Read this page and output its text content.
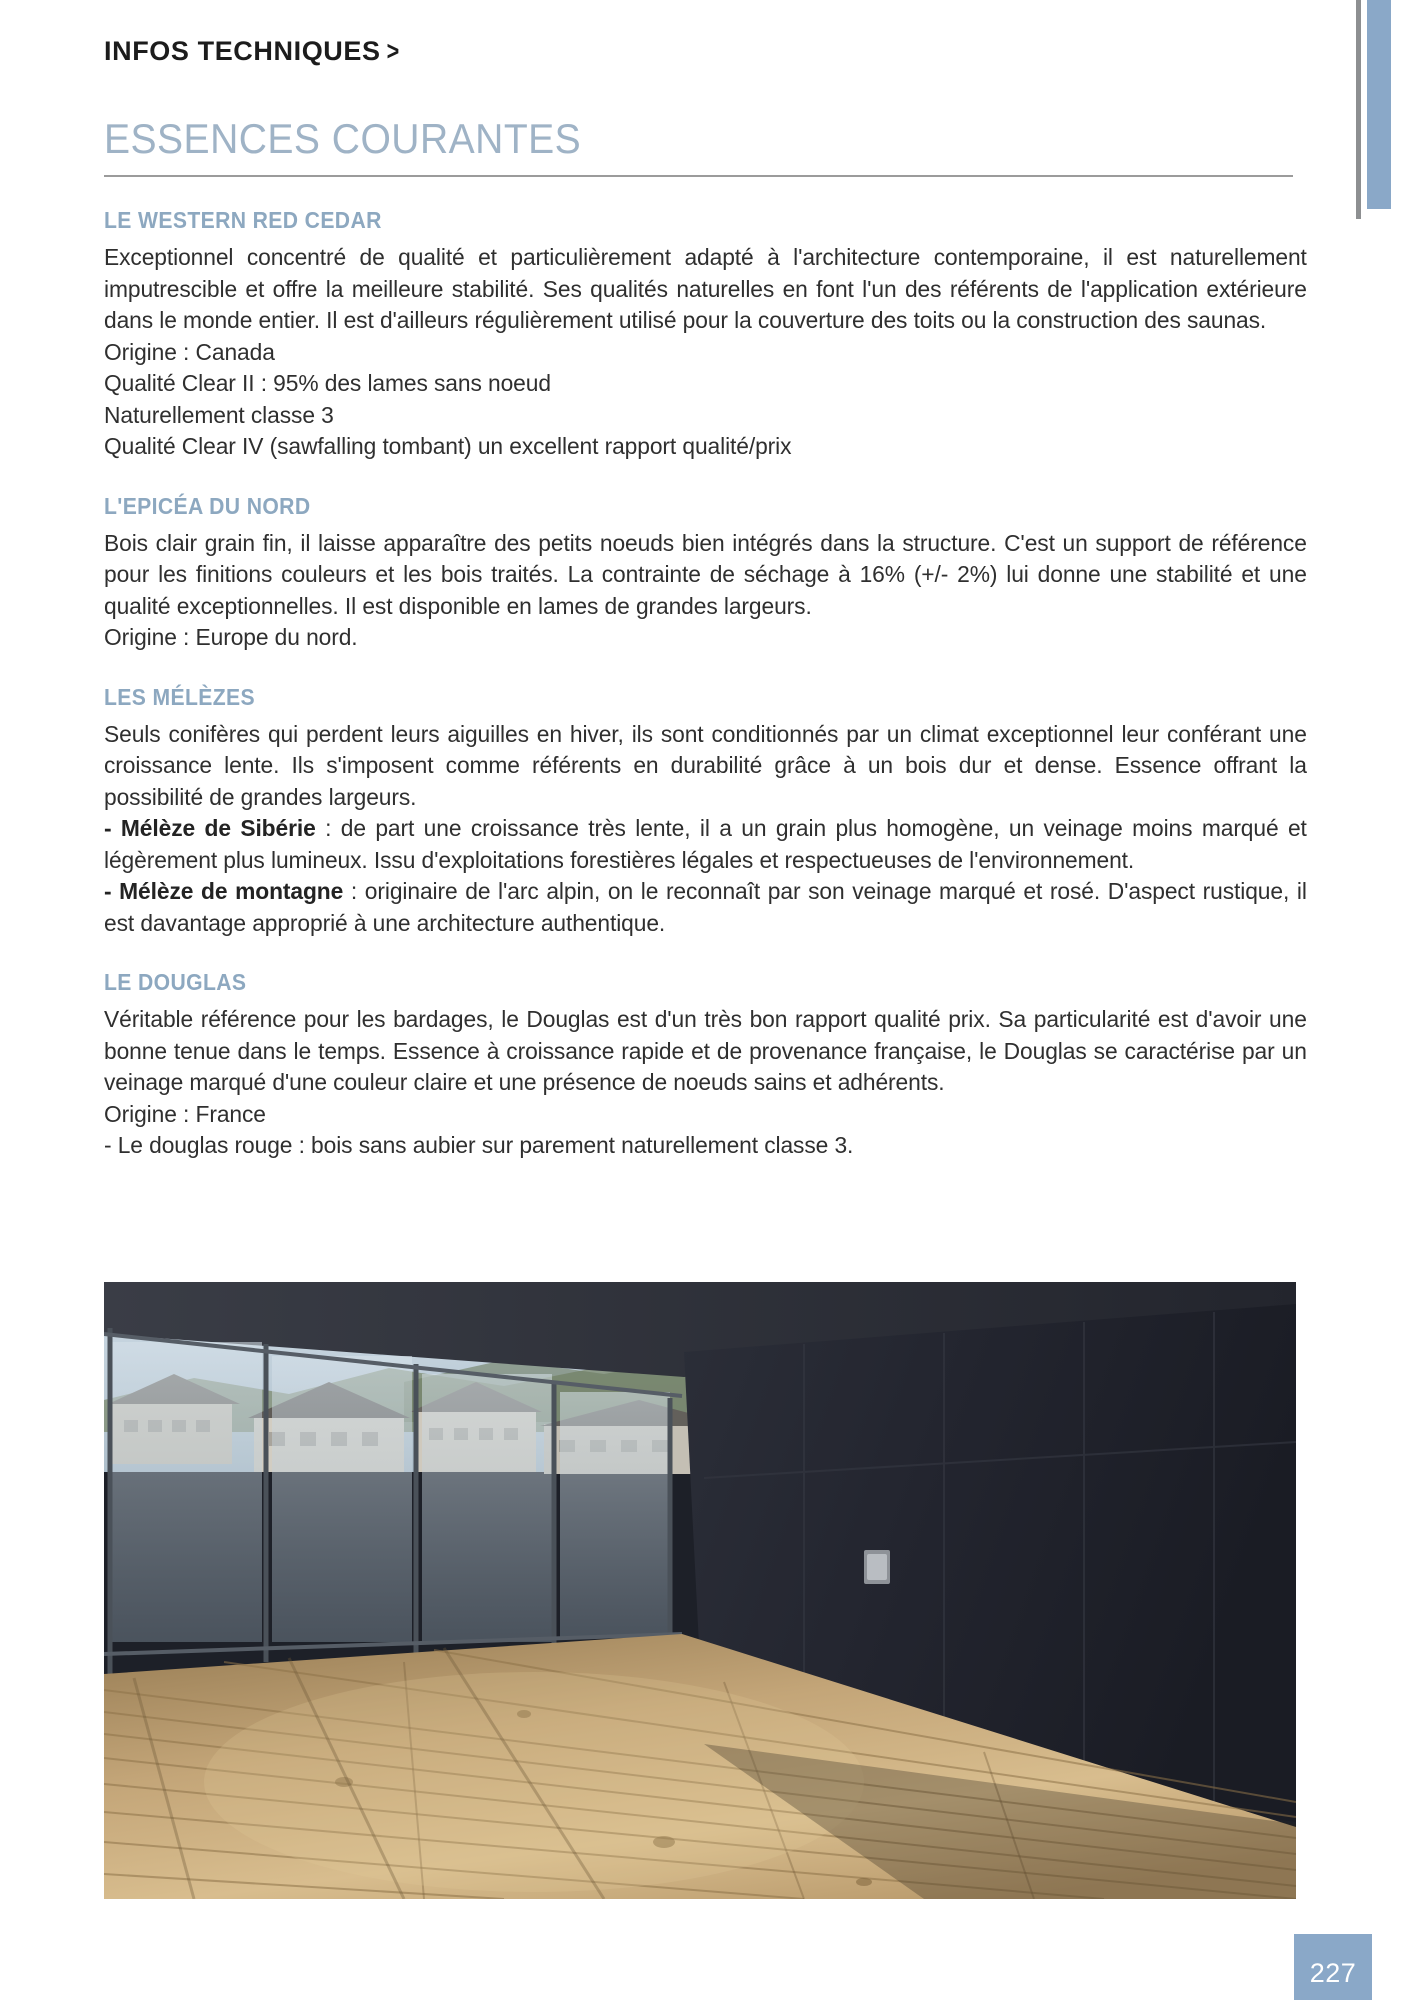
INFOS TECHNIQUES >
ESSENCES COURANTES
LE WESTERN RED CEDAR

Exceptionnel concentré de qualité et particulièrement adapté à l'architecture contemporaine, il est naturellement imputrescible et offre la meilleure stabilité. Ses qualités naturelles en font l'un des référents de l'application extérieure dans le monde entier. Il est d'ailleurs régulièrement utilisé pour la couverture des toits ou la construction des saunas.

Origine : Canada

Qualité Clear II : 95% des lames sans noeud

Naturellement classe 3

Qualité Clear IV (sawfalling tombant) un excellent rapport qualité/prix

L'EPICÉA DU NORD

Bois clair grain fin, il laisse apparaître des petits noeuds bien intégrés dans la structure. C'est un support de référence pour les finitions couleurs et les bois traités. La contrainte de séchage à 16% (+/- 2%) lui donne une stabilité et une qualité exceptionnelles. Il est disponible en lames de grandes largeurs.

Origine : Europe du nord.

LES MÉLÈZES

Seuls conifères qui perdent leurs aiguilles en hiver, ils sont conditionnés par un climat exceptionnel leur conférant une croissance lente. Ils s'imposent comme référents en durabilité grâce à un bois dur et dense. Essence offrant la possibilité de grandes largeurs.

- Mélèze de Sibérie : de part une croissance très lente, il a un grain plus homogène, un veinage moins marqué et légèrement plus lumineux. Issu d'exploitations forestières légales et respectueuses de l'environnement.

- Mélèze de montagne : originaire de l'arc alpin, on le reconnaît par son veinage marqué et rosé. D'aspect rustique, il est davantage approprié à une architecture authentique.

LE DOUGLAS

Véritable référence pour les bardages, le Douglas est d'un très bon rapport qualité prix. Sa particularité est d'avoir une bonne tenue dans le temps. Essence à croissance rapide et de provenance française, le Douglas se caractérise par un veinage marqué d'une couleur claire et une présence de noeuds sains et adhérents.

Origine : France

- Le douglas rouge : bois sans aubier sur parement naturellement classe 3.

227
